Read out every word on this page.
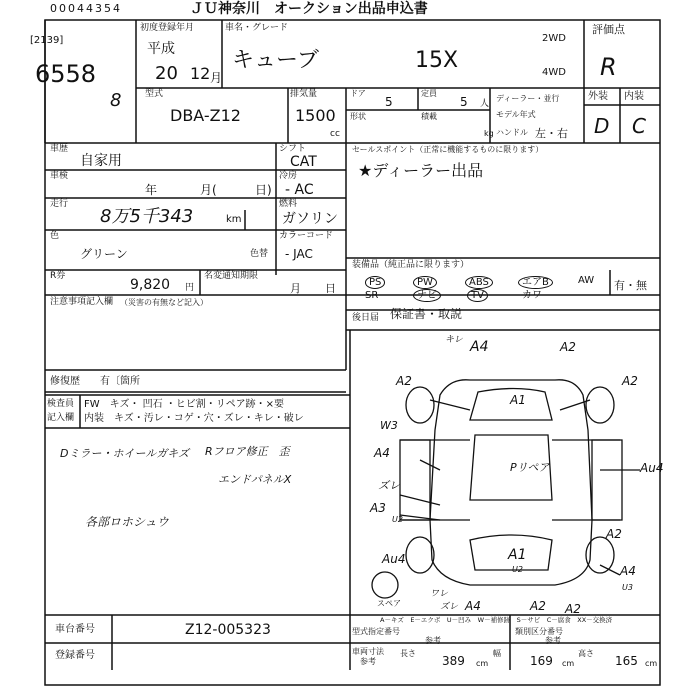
00044354	ＪＵ神奈川　オークション出品申込書
[2139]
6558
8
初度登録年月
平成
20 12 月
車名・グレード
キューブ	15X
2WD
4WD
評価点
R
外装 内装
D C
型式
DBA-Z12
排気量
1500
cc
ドア
5
定員
5 人
形状	積載
kg
ディーラー・並行
モデル年式
ハンドル 左・右
車歴
自家用
シフト
CAT
車検
年	月(	日)
冷房
- AC
走行
8万5千343	km
燃料
ガソリン
色
グリーン	色替
カラーコード
- JAC
R券
9,820 円
名変通知期限
月 日
セールスポイント（正常に機能するものに限ります）
★ディーラー出品
装備品（純正品に限ります）
PS	PW	ABS	エアB	AW
SR	ナビ	TV	カワ
有・無
後日届 保証書・取説
注意事項記入欄 （災害の有無など記入）
修復歴 有〔箇所
検査員
記入欄
FW　キズ・ 凹石 ・ヒビ割・リペア跡・×要
内装　キズ・汚レ・コゲ・穴・ズレ・キレ・破レ
Dミラー・ホイールガキズ Rフロア修正　歪
エンドパネルX
各部ロホシュウ
キレ A4	A2
A2	A2
A1
W3
A4
Pリペア	Au4
ズレ
A3
U2
A2
Au4	A1
U2	A4
U3
ワレ
ズレ A4	A2 A2
スペア
A－キズ　E－エクボ　U－凹み　W－補修跡　S－サビ　C－腐食　XX－交換済
車台番号	Z12-005323
登録番号
型式指定番号
参考
類別区分番号
参考
車両寸法
参考
長さ
389 cm
幅
169 cm
高さ
165 cm
